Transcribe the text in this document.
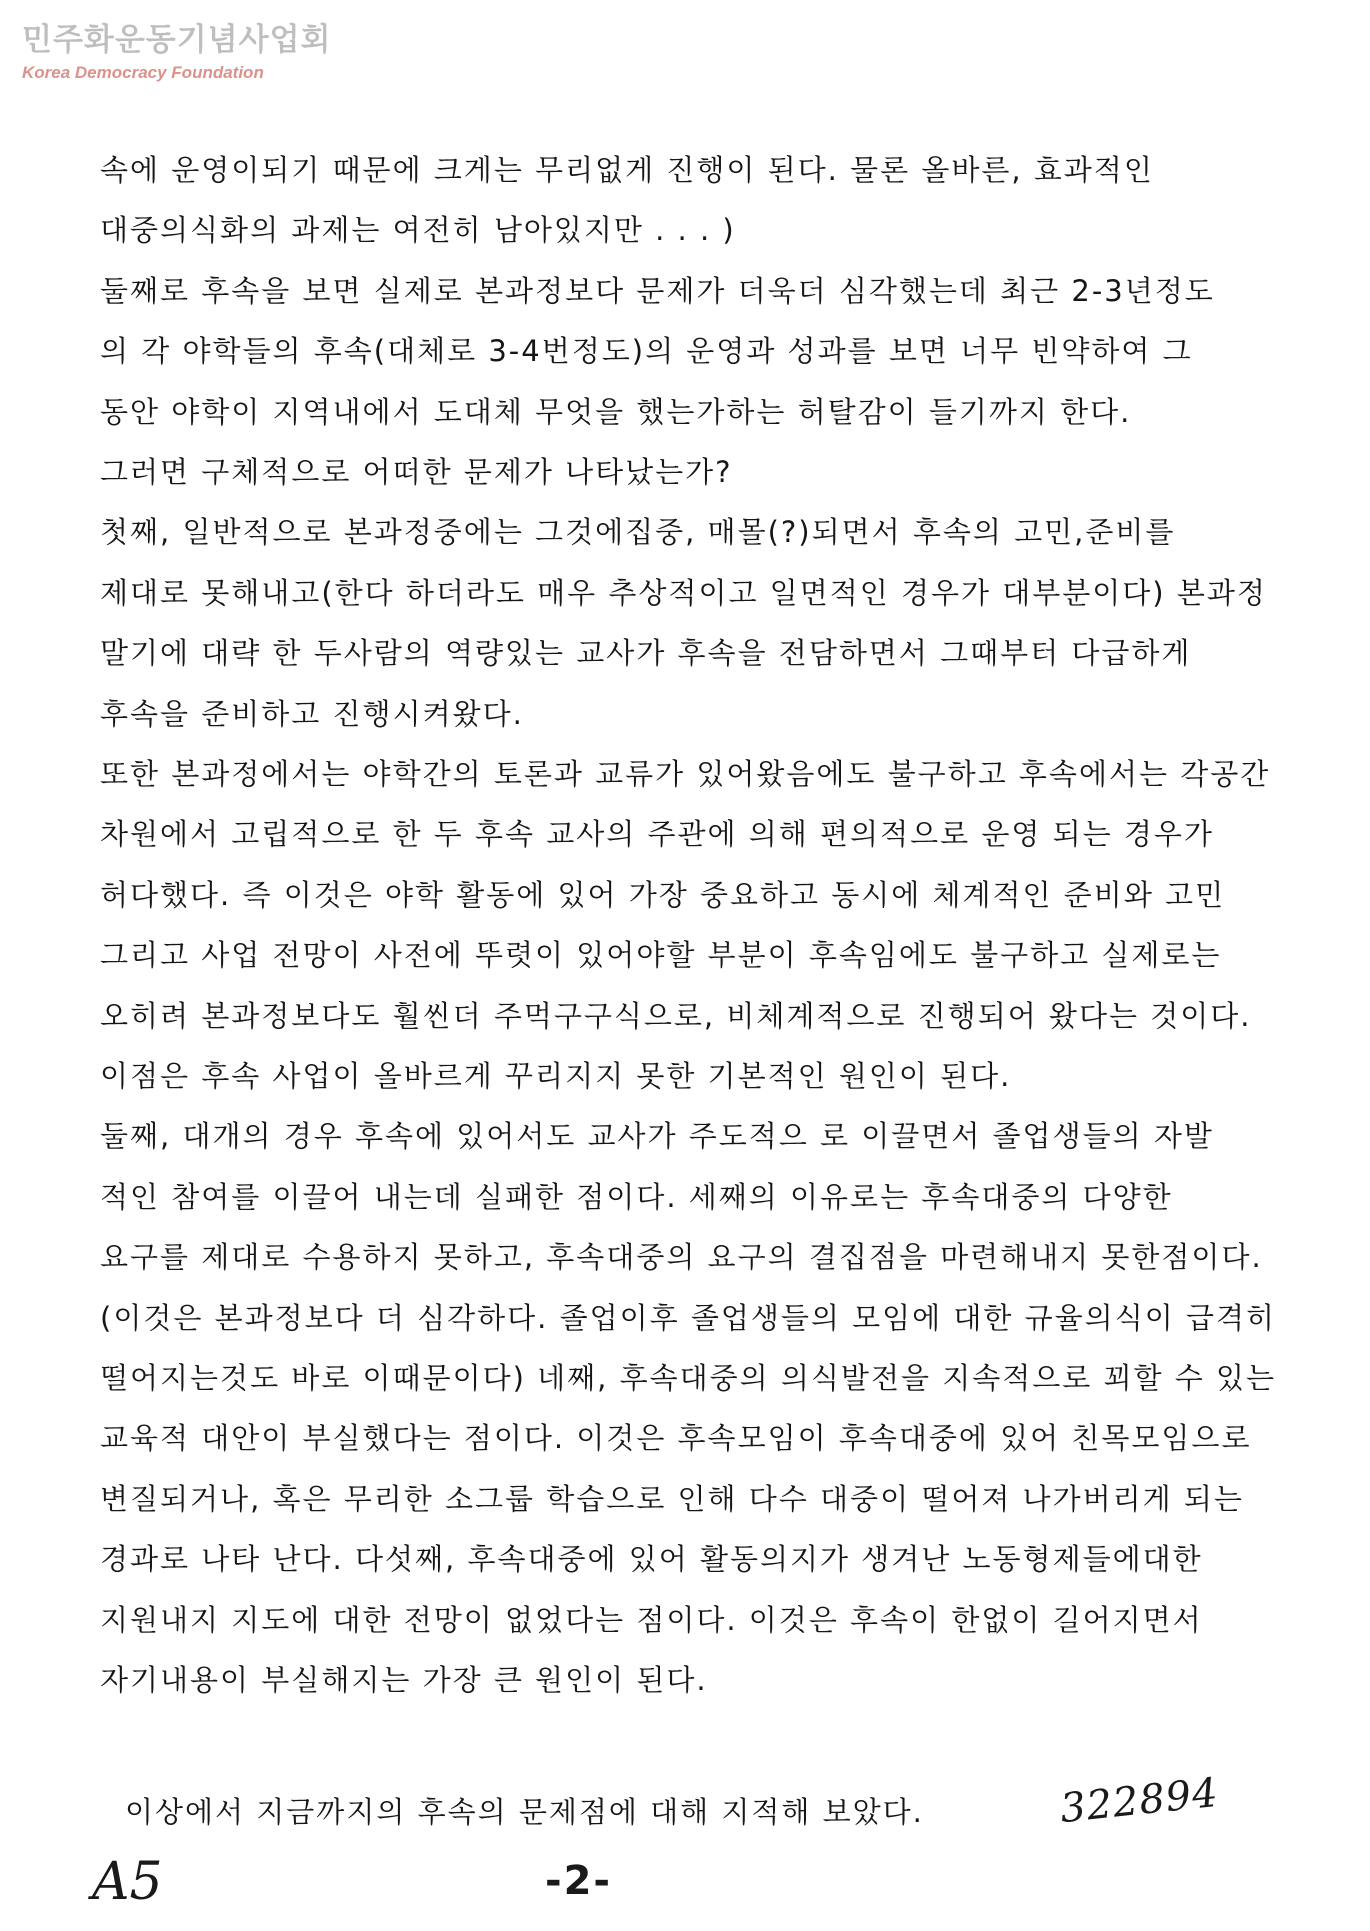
민주화운동기념사업회
Korea Democracy Foundation
속에 운영이되기 때문에 크게는 무리없게 진행이 된다. 물론 올바른, 효과적인
대중의식화의 과제는 여전히 남아있지만 . . . )
둘째로 후속을 보면 실제로 본과정보다 문제가 더욱더 심각했는데 최근 2-3년정도
의 각 야학들의 후속(대체로 3-4번정도)의 운영과 성과를 보면 너무 빈약하여 그
동안 야학이 지역내에서 도대체 무엇을 했는가하는 허탈감이 들기까지 한다.
그러면 구체적으로 어떠한 문제가 나타났는가?
첫째, 일반적으로 본과정중에는 그것에집중, 매몰(?)되면서 후속의 고민,준비를
제대로 못해내고(한다 하더라도 매우 추상적이고 일면적인 경우가 대부분이다) 본과정
말기에 대략 한 두사람의 역량있는 교사가 후속을 전담하면서 그때부터 다급하게
후속을 준비하고 진행시켜왔다.
또한 본과정에서는 야학간의 토론과 교류가 있어왔음에도 불구하고 후속에서는 각공간
차원에서 고립적으로 한 두 후속 교사의 주관에 의해 편의적으로 운영 되는 경우가
허다했다. 즉 이것은 야학 활동에 있어 가장 중요하고 동시에 체계적인 준비와 고민
그리고 사업 전망이 사전에 뚜렷이 있어야할 부분이 후속임에도 불구하고 실제로는
오히려 본과정보다도 훨씬더 주먹구구식으로, 비체계적으로 진행되어 왔다는 것이다.
이점은 후속 사업이 올바르게 꾸리지지 못한 기본적인 원인이 된다.
둘째, 대개의 경우 후속에 있어서도 교사가 주도적으 로 이끌면서 졸업생들의 자발
적인 참여를 이끌어 내는데 실패한 점이다. 세째의 이유로는 후속대중의 다양한
요구를 제대로 수용하지 못하고, 후속대중의 요구의 결집점을 마련해내지 못한점이다.
(이것은 본과정보다 더 심각하다. 졸업이후 졸업생들의 모임에 대한 규율의식이 급격히
떨어지는것도 바로 이때문이다) 네째, 후속대중의 의식발전을 지속적으로 꾀할 수 있는
교육적 대안이 부실했다는 점이다. 이것은 후속모임이 후속대중에 있어 친목모임으로
변질되거나, 혹은 무리한 소그룹 학습으로 인해 다수 대중이 떨어져 나가버리게 되는
경과로 나타 난다. 다섯째, 후속대중에 있어 활동의지가 생겨난 노동형제들에대한
지원내지 지도에 대한 전망이 없었다는 점이다. 이것은 후속이 한없이 길어지면서
자기내용이 부실해지는 가장 큰 원인이 된다.
이상에서 지금까지의 후속의 문제점에 대해 지적해 보았다.	322894
A5	-2-
